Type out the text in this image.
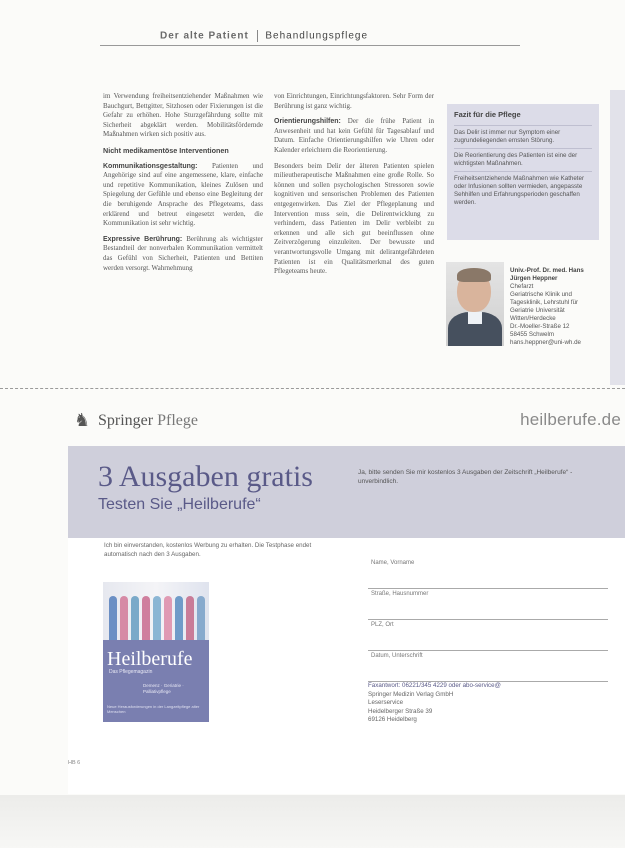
Der alte Patient Behandlungspflege

im Verwendung freiheitsentziehender Maßnahmen wie Bauchgurt, Bettgitter, Sitzhosen oder Fixierungen ist die Gefahr zu erhöhen. Hohe Sturzgefährdung sollte mit Sicherheit abgeklärt werden. Mobilitätsfördernde Maßnahmen wirken sich positiv aus.

Nicht medikamentöse Interventionen

Kommunikationsgestaltung: Patienten und Angehörige sind auf eine angemessene, klare, einfache und repetitive Kommunikation, kleines Zulösen und Spiegelung der Gefühle und ebenso eine Begleitung der die beruhigende Ansprache des Pflegeteams, dass erklärend und betreut eingesetzt werden, die Kommunikation ist sehr wichtig.

Expressive Berührung: Berührung als wichtigster Bestandteil der nonverbalen Kommunikation vermittelt das Gefühl von Sicherheit, Patienten und Bettiten werden versorgt. Wahrnehmung

von Einrichtungen, Einrichtungsfaktoren. Sehr Form der Berührung ist ganz wichtig.

Orientierungshilfen: Der die frühe Patient in Anwesenheit und hat kein Gefühl für Tagesablauf und Datum. Einfache Orientierungshilfen wie Uhren oder Kalender erleichtern die Reorientierung.

Besonders beim Delir der älteren Patienten spielen milieutherapeutische Maßnahmen eine große Rolle. So können und sollen psychologischen Stressoren sowie kognitiven und sensorischen Problemen des Patienten entgegenwirken. Das Ziel der Pflegeplanung und Intervention muss sein, die Delirentwicklung zu verhindern, dass Patienten im Delir verbleibt zu erkennen und alle sich gut beeinflussen ohne Zeitverzögerung einzuleiten. Der bewusste und verantwortungsvolle Umgang mit delirantgefährdeten Patienten ist ein Qualitätsmerkmal des guten Pflegeteams heute.

Fazit für die Pflege
Das Delir ist immer nur Symptom einer zugrundeliegenden ernsten Störung.
Die Reorientierung des Patienten ist eine der wichtigsten Maßnahmen.
Freiheitsentziehende Maßnahmen wie Katheter oder Infusionen sollten vermieden, angepasste Sehhilfen und Erfahrungsperioden geschaffen werden.
Univ.-Prof. Dr. med. Hans Jürgen Heppner
Chefarzt
Geriatrische Klinik und
Tagesklinik, Lehrstuhl für
Geriatrie Universität
Witten/Herdecke
Dr.-Moeller-Straße 12
58455 Schwelm
hans.heppner@uni-wh.de
♞ Springer Pflege	heilberufe.de
3 Ausgaben gratis
Testen Sie „Heilberufe“
Ja, bitte senden Sie mir kostenlos 3 Ausgaben der Zeitschrift „Heilberufe“ - unverbindlich.
Ich bin einverstanden, kostenlos Werbung zu erhalten. Die Testphase endet automatisch nach den 3 Ausgaben.
Heilberufe
Das Pflegemagazin
Demenz · Geriatrie · Palliativpflege
Neue Herausforderungen in der Langzeitpflege alter Menschen
Name, Vorname
Straße, Hausnummer
PLZ, Ort
Datum, Unterschrift
Faxantwort: 06221/345 4229 oder abo-service@
Springer Medizin Verlag GmbH
Leserservice
Heidelberger Straße 39
69126 Heidelberg
HB 6
